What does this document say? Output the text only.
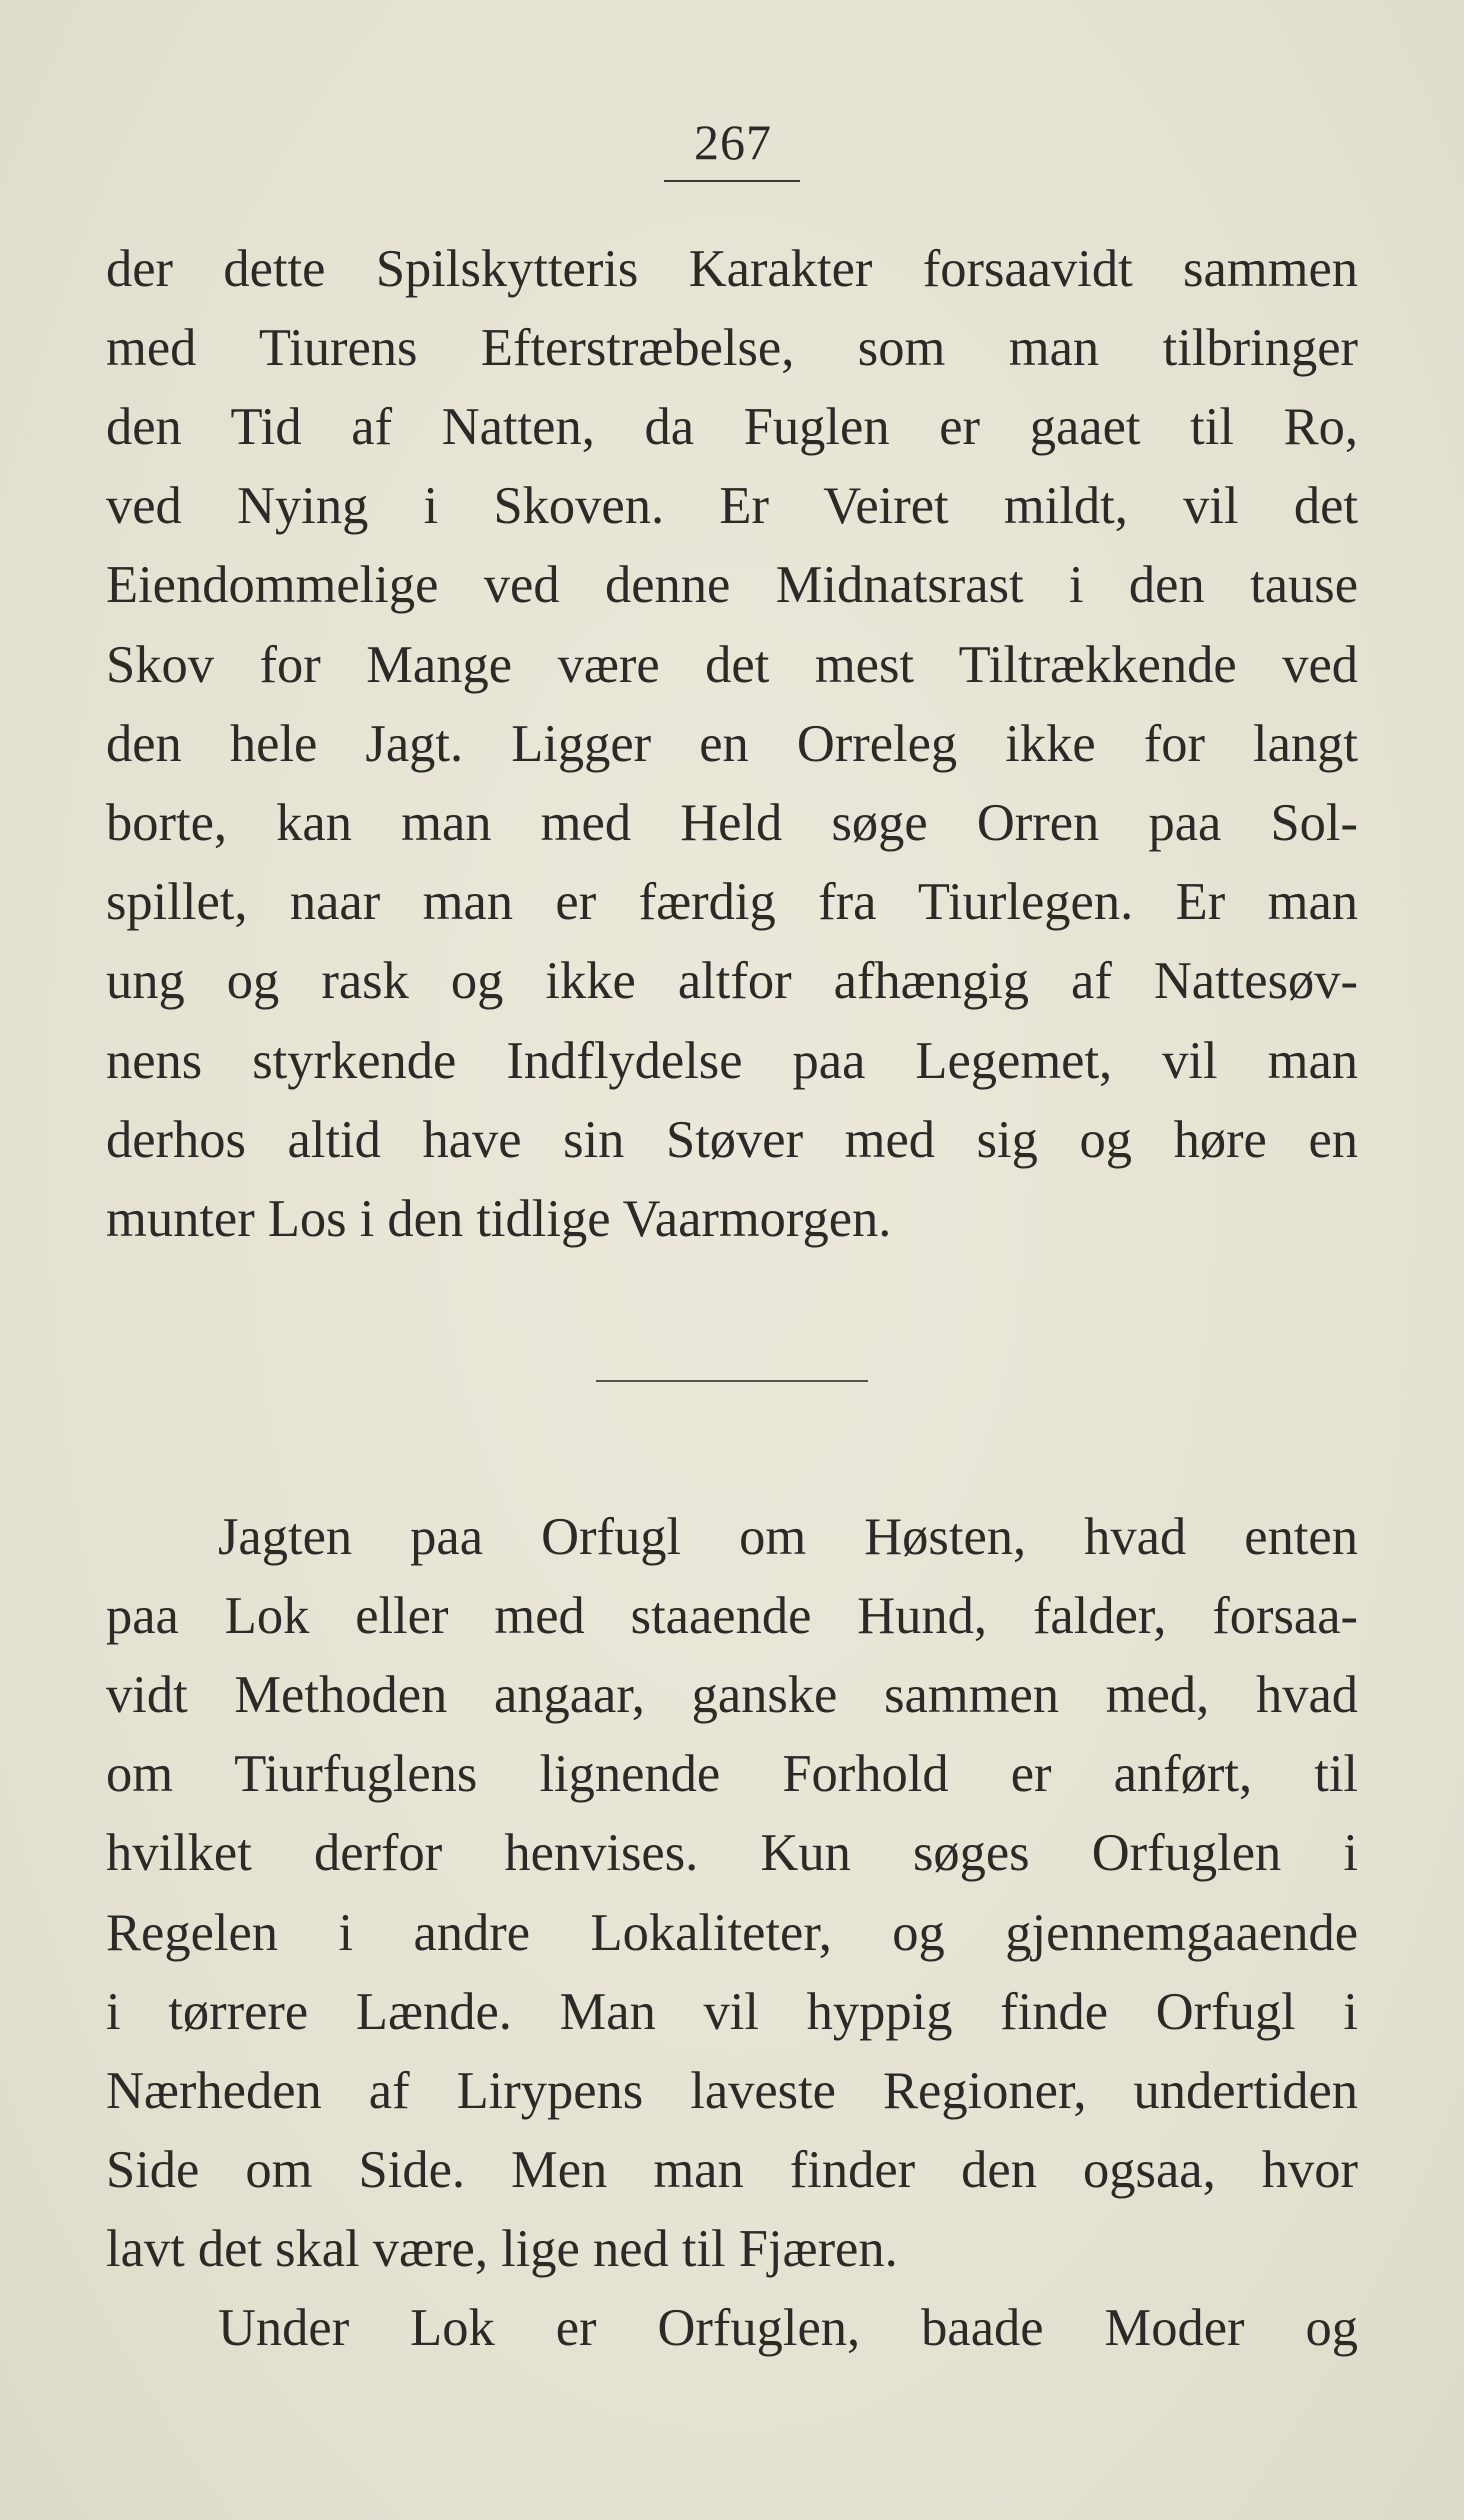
267
der dette Spilskytteris Karakter forsaavidt sammen
med Tiurens Efterstræbelse, som man tilbringer
den Tid af Natten, da Fuglen er gaaet til Ro,
ved Nying i Skoven. Er Veiret mildt, vil det
Eiendommelige ved denne Midnatsrast i den tause
Skov for Mange være det mest Tiltrækkende ved
den hele Jagt. Ligger en Orreleg ikke for langt
borte, kan man med Held søge Orren paa Sol-
spillet, naar man er færdig fra Tiurlegen. Er man
ung og rask og ikke altfor afhængig af Nattesøv-
nens styrkende Indflydelse paa Legemet, vil man
derhos altid have sin Støver med sig og høre en
munter Los i den tidlige Vaarmorgen.
Jagten paa Orfugl om Høsten, hvad enten
paa Lok eller med staaende Hund, falder, forsaa-
vidt Methoden angaar, ganske sammen med, hvad
om Tiurfuglens lignende Forhold er anført, til
hvilket derfor henvises. Kun søges Orfuglen i
Regelen i andre Lokaliteter, og gjennemgaaende
i tørrere Lænde. Man vil hyppig finde Orfugl i
Nærheden af Lirypens laveste Regioner, undertiden
Side om Side. Men man finder den ogsaa, hvor
lavt det skal være, lige ned til Fjæren.
Under Lok er Orfuglen, baade Moder og
